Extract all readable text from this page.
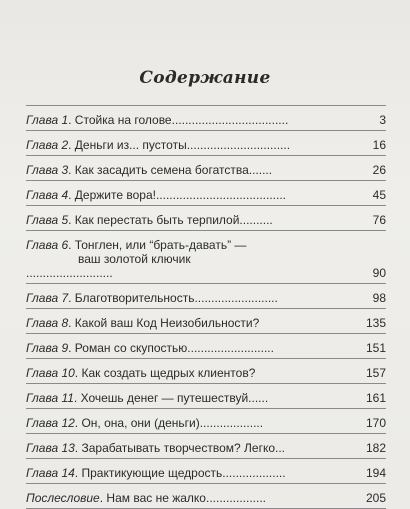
Содержание
Глава 1. Стойка на голове...................................	3
Глава 2. Деньги из... пустоты...............................	16
Глава 3. Как засадить семена богатства.......	26
Глава 4. Держите вора!.......................................	45
Глава 5. Как перестать быть терпилой..........	76
Глава 6. Тонглен, или “брать-давать” —
ваш золотой ключик
..........................	90
Глава 7. Благотворительность.........................	98
Глава 8. Какой ваш Код Неизобильности?	135
Глава 9. Роман со скупостью..........................	151
Глава 10. Как создать щедрых клиентов?	157
Глава 11. Хочешь денег — путешествуй......	161
Глава 12. Он, она, они (деньги)...................	170
Глава 13. Зарабатывать творчеством? Легко...	182
Глава 14. Практикующие щедрость...................	194
Послесловие. Нам вас не жалко..................	205
